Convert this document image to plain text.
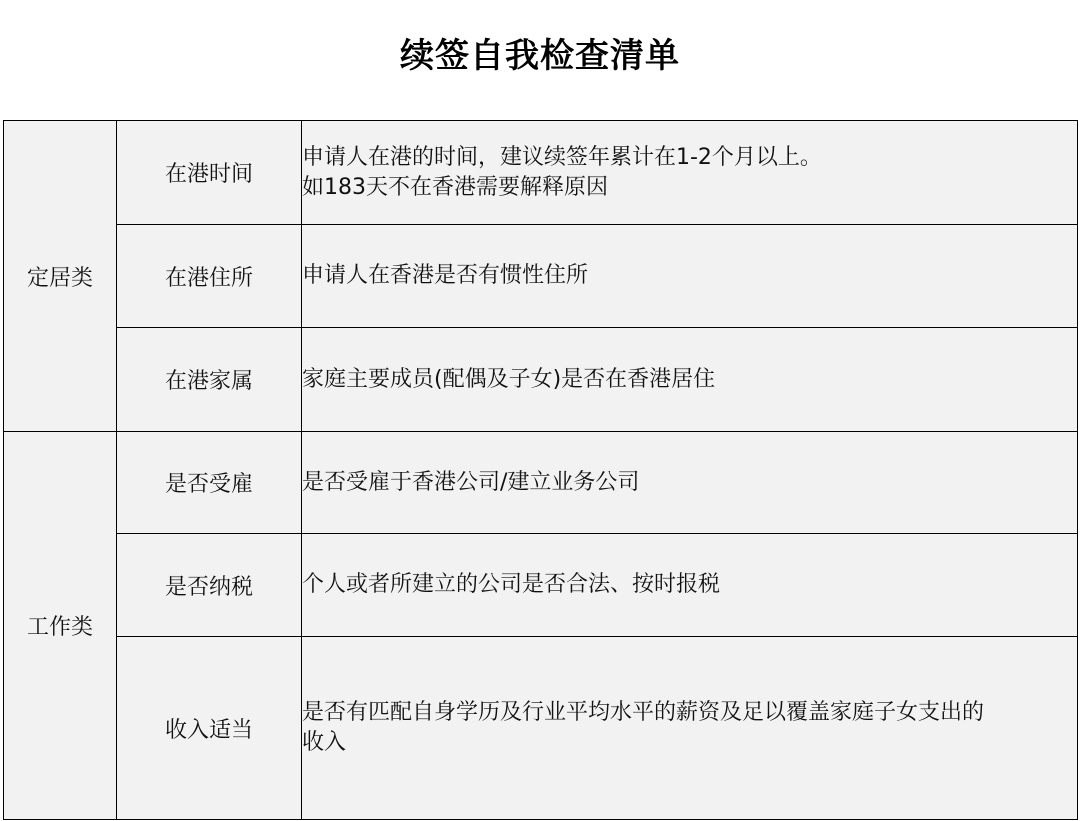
续签自我检查清单
定居类	在港时间	申请人在港的时间，建议续签年累计在1-2个月以上。
如183天不在香港需要解释原因

	在港住所	申请人在香港是否有惯性住所

	在港家属	家庭主要成员(配偶及子女)是否在香港居住

工作类	是否受雇	是否受雇于香港公司/建立业务公司

	是否纳税	个人或者所建立的公司是否合法、按时报税

	收入适当	是否有匹配自身学历及行业平均水平的薪资及足以覆盖家庭子女支出的
收入
